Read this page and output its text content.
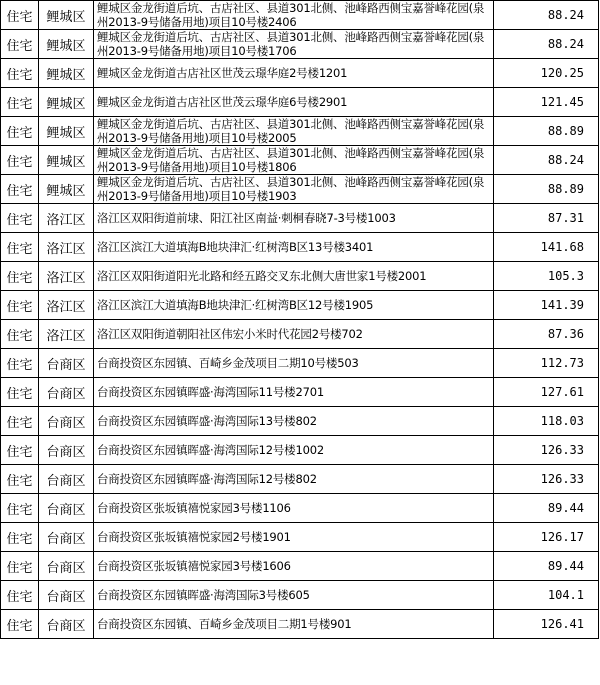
住宅	鲤城区	鲤城区金龙街道后坑、古店社区、县道301北侧、池峰路西侧宝嘉誉峰花园(泉州2013-9号储备用地)项目10号楼2406	88.24
住宅	鲤城区	鲤城区金龙街道后坑、古店社区、县道301北侧、池峰路西侧宝嘉誉峰花园(泉州2013-9号储备用地)项目10号楼1706	88.24
住宅	鲤城区	鲤城区金龙街道古店社区世茂云璟华庭2号楼1201	120.25
住宅	鲤城区	鲤城区金龙街道古店社区世茂云璟华庭6号楼2901	121.45
住宅	鲤城区	鲤城区金龙街道后坑、古店社区、县道301北侧、池峰路西侧宝嘉誉峰花园(泉州2013-9号储备用地)项目10号楼2005	88.89
住宅	鲤城区	鲤城区金龙街道后坑、古店社区、县道301北侧、池峰路西侧宝嘉誉峰花园(泉州2013-9号储备用地)项目10号楼1806	88.24
住宅	鲤城区	鲤城区金龙街道后坑、古店社区、县道301北侧、池峰路西侧宝嘉誉峰花园(泉州2013-9号储备用地)项目10号楼1903	88.89
住宅	洛江区	洛江区双阳街道前埭、阳江社区南益·刺桐春晓7-3号楼1003	87.31
住宅	洛江区	洛江区滨江大道填海B地块津汇·红树湾B区13号楼3401	141.68
住宅	洛江区	洛江区双阳街道阳光北路和经五路交叉东北侧大唐世家1号楼2001	105.3
住宅	洛江区	洛江区滨江大道填海B地块津汇·红树湾B区12号楼1905	141.39
住宅	洛江区	洛江区双阳街道朝阳社区伟宏小米时代花园2号楼702	87.36
住宅	台商区	台商投资区东园镇、百崎乡金茂项目二期10号楼503	112.73
住宅	台商区	台商投资区东园镇晖盛·海湾国际11号楼2701	127.61
住宅	台商区	台商投资区东园镇晖盛·海湾国际13号楼802	118.03
住宅	台商区	台商投资区东园镇晖盛·海湾国际12号楼1002	126.33
住宅	台商区	台商投资区东园镇晖盛·海湾国际12号楼802	126.33
住宅	台商区	台商投资区张坂镇禧悦家园3号楼1106	89.44
住宅	台商区	台商投资区张坂镇禧悦家园2号楼1901	126.17
住宅	台商区	台商投资区张坂镇禧悦家园3号楼1606	89.44
住宅	台商区	台商投资区东园镇晖盛·海湾国际3号楼605	104.1
住宅	台商区	台商投资区东园镇、百崎乡金茂项目二期1号楼901	126.41
